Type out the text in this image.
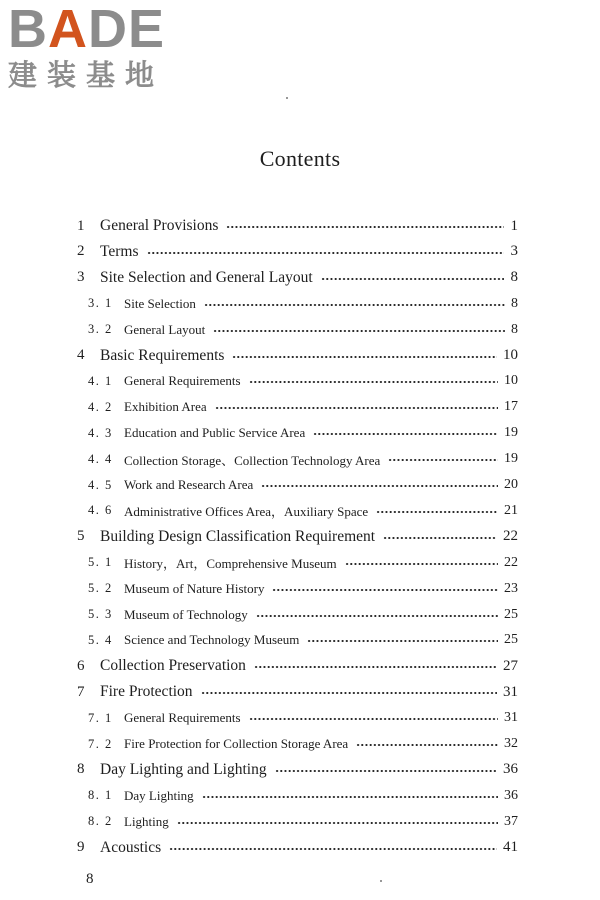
B A DE
建装基地
Contents
1 General Provisions	1
2 Terms	3
3 Site Selection and General Layout	8
3. 1 Site Selection	8
3. 2 General Layout	8
4 Basic Requirements	10
4. 1 General Requirements	10
4. 2 Exhibition Area	17
4. 3 Education and Public Service Area	19
4. 4 Collection Storage、Collection Technology Area	19
4. 5 Work and Research Area	20
4. 6 Administrative Offices Area，Auxiliary Space	21
5 Building Design Classification Requirement	22
5. 1 History，Art，Comprehensive Museum	22
5. 2 Museum of Nature History	23
5. 3 Museum of Technology	25
5. 4 Science and Technology Museum	25
6 Collection Preservation	27
7 Fire Protection	31
7. 1 General Requirements	31
7. 2 Fire Protection for Collection Storage Area	32
8 Day Lighting and Lighting	36
8. 1 Day Lighting	36
8. 2 Lighting	37
9 Acoustics	41
8
